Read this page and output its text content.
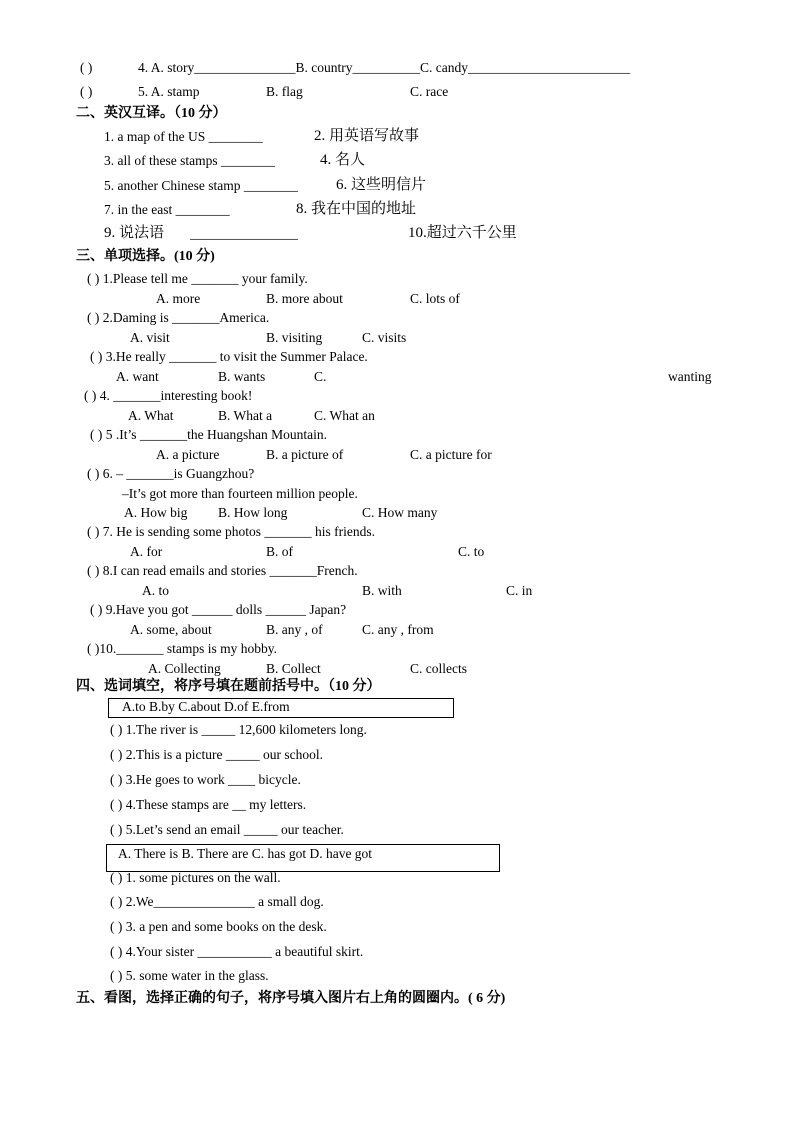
( )	4. A. story_______________B. country__________C. candy________________________
( )	5. A. stamp	B. flag	C. race
二、英汉互译。（10 分）
1. a map of the US ________	2. 用英语写故事
3. all of these stamps ________	4. 名人
5. another Chinese stamp ________	6. 这些明信片
7. in the east ________	8. 我在中国的地址
9. 说法语 ________________	10.超过六千公里
三、单项选择。(10 分)
( ) 1.Please tell me _______ your family.
A. more	B. more about	C. lots of
( ) 2.Daming is _______America.
A. visit	B. visiting	C. visits
( ) 3.He really _______ to visit the Summer Palace.
A. want	B. wants	C.	wanting
( ) 4. _______interesting book!
A. What	B. What a	C. What an
( ) 5 .It’s _______the Huangshan Mountain.
A. a picture	B. a picture of	C. a picture for
( ) 6. – _______is Guangzhou?
–It’s got more than fourteen million people.
A. How big B. How long	C. How many
( ) 7. He is sending some photos _______ his friends.
A. for	B. of	C. to
( ) 8.I can read emails and stories _______French.
A. to	B. with	C. in
( ) 9.Have you got ______ dolls ______ Japan?
A. some, about	B. any , of	C. any , from
( )10._______ stamps is my hobby.
A. Collecting	B. Collect	C. collects
四、选词填空，将序号填在题前括号中。（10 分）
A.to B.by C.about D.of E.from
( ) 1.The river is _____ 12,600 kilometers long.
( ) 2.This is a picture _____ our school.
( ) 3.He goes to work ____ bicycle.
( ) 4.These stamps are __ my letters.
( ) 5.Let’s send an email _____ our teacher.
A. There is B. There are C. has got D. have got
( ) 1. some pictures on the wall.
( ) 2.We_______________ a small dog.
( ) 3. a pen and some books on the desk.
( ) 4.Your sister ___________ a beautiful skirt.
( ) 5. some water in the glass.
五、看图，选择正确的句子，将序号填入图片右上角的圆圈内。( 6 分)
